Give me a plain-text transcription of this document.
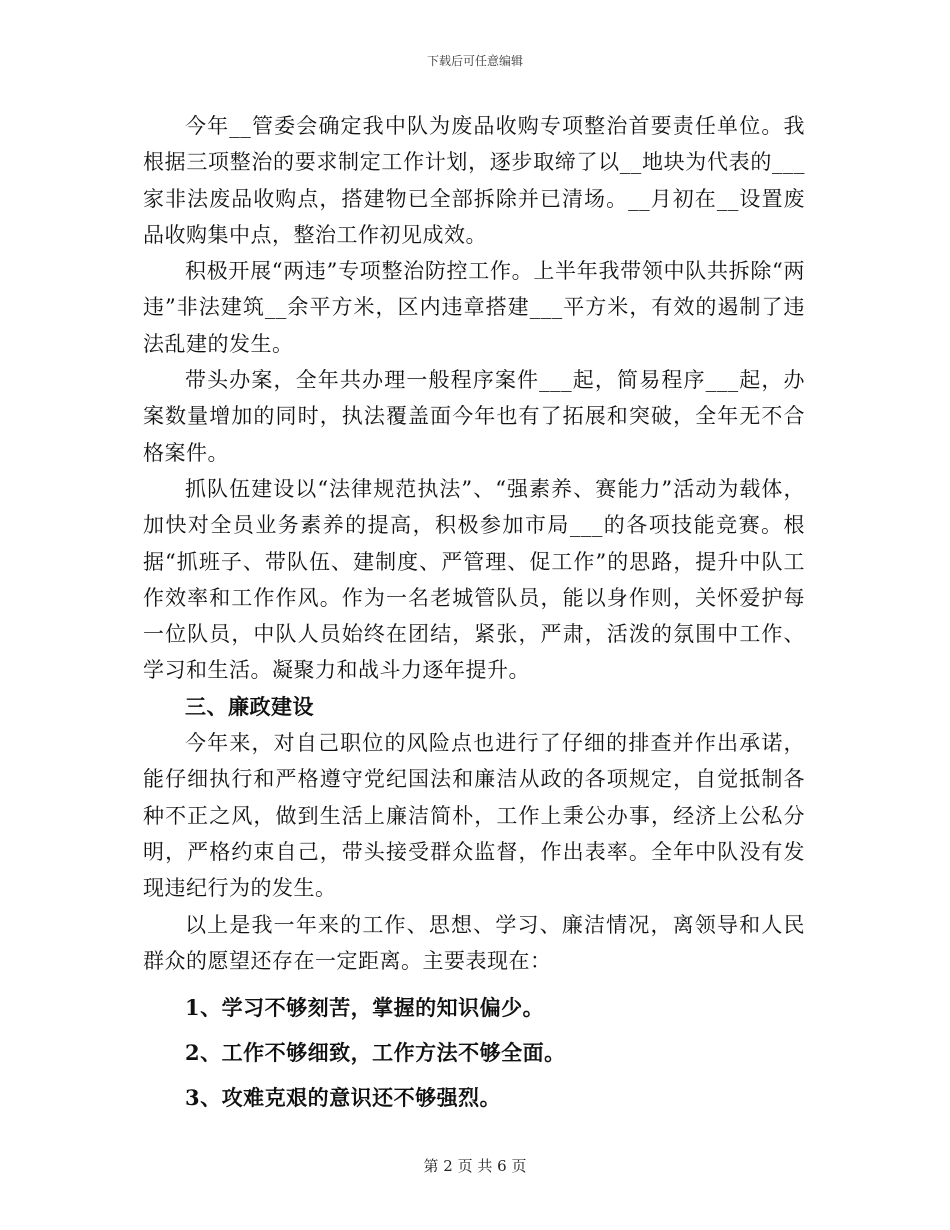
下载后可任意编辑

今年__管委会确定我中队为废品收购专项整治首要责任单位。我根据三项整治的要求制定工作计划，逐步取缔了以__地块为代表的___家非法废品收购点，搭建物已全部拆除并已清场。__月初在__设置废品收购集中点，整治工作初见成效。

积极开展“两违”专项整治防控工作。上半年我带领中队共拆除“两违”非法建筑__余平方米，区内违章搭建___平方米，有效的遏制了违法乱建的发生。

带头办案，全年共办理一般程序案件___起，简易程序___起，办案数量增加的同时，执法覆盖面今年也有了拓展和突破，全年无不合格案件。

抓队伍建设以“法律规范执法”、“强素养、赛能力”活动为载体，加快对全员业务素养的提高，积极参加市局___的各项技能竞赛。根据“抓班子、带队伍、建制度、严管理、促工作”的思路，提升中队工作效率和工作作风。作为一名老城管队员，能以身作则，关怀爱护每一位队员，中队人员始终在团结，紧张，严肃，活泼的氛围中工作、学习和生活。凝聚力和战斗力逐年提升。

三、廉政建设

今年来，对自己职位的风险点也进行了仔细的排查并作出承诺，能仔细执行和严格遵守党纪国法和廉洁从政的各项规定，自觉抵制各种不正之风，做到生活上廉洁简朴，工作上秉公办事，经济上公私分明，严格约束自己，带头接受群众监督，作出表率。全年中队没有发现违纪行为的发生。

以上是我一年来的工作、思想、学习、廉洁情况，离领导和人民群众的愿望还存在一定距离。主要表现在：

1、学习不够刻苦，掌握的知识偏少。

2、工作不够细致，工作方法不够全面。

3、攻难克艰的意识还不够强烈。

第 2 页 共 6 页
